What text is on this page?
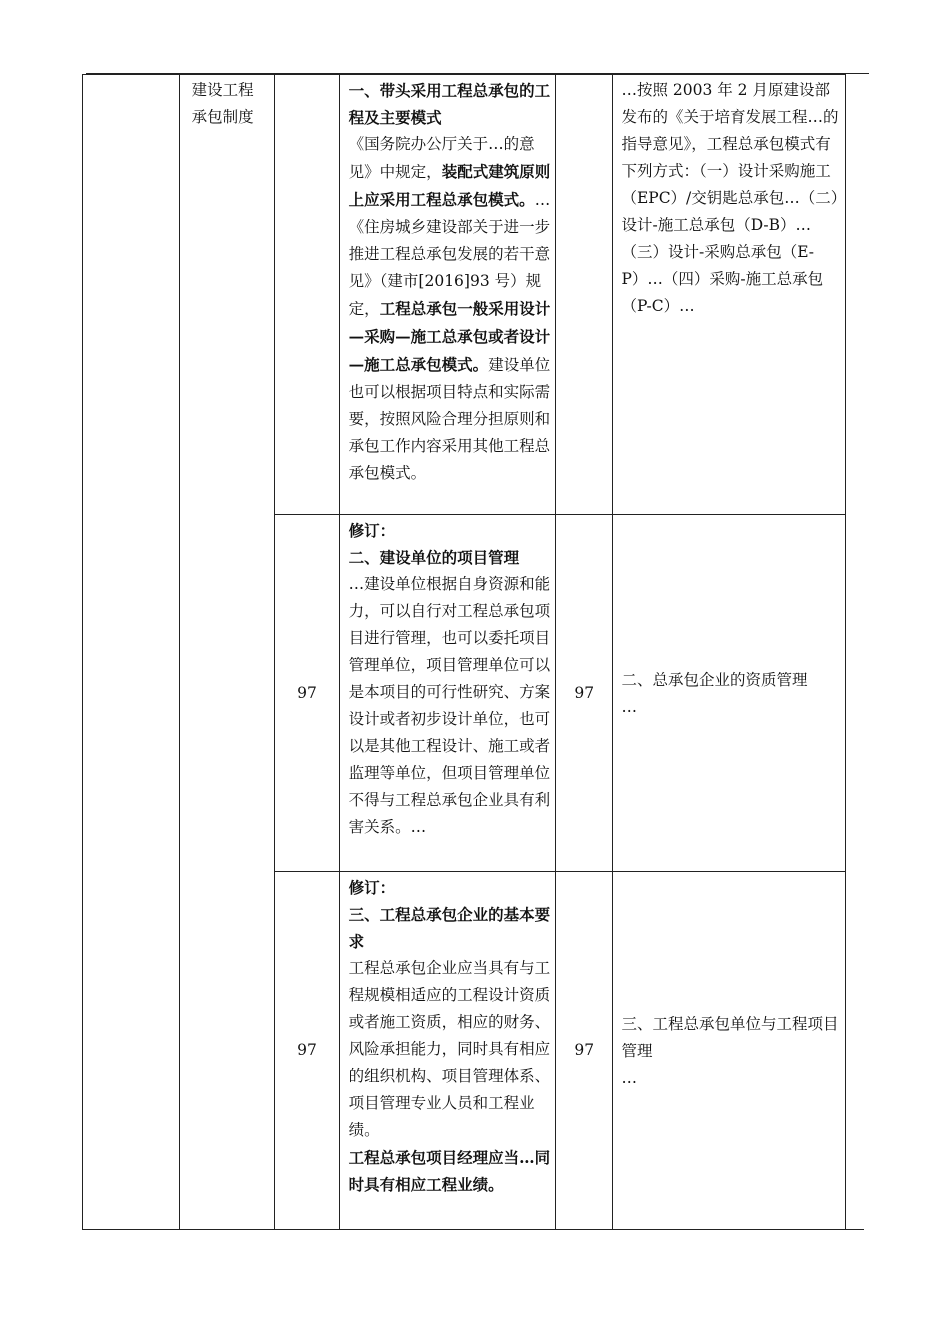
	建设工程承包制度		一、带头采用工程总承包的工程及主要模式
《国务院办公厅关于…的意见》中规定，装配式建筑原则上应采用工程总承包模式。…《住房城乡建设部关于进一步推进工程总承包发展的若干意见》（建市[2016]93 号）规定，工程总承包一般采用设计—采购—施工总承包或者设计—施工总承包模式。建设单位也可以根据项目特点和实际需要，按照风险合理分担原则和承包工作内容采用其他工程总承包模式。		…按照 2003 年 2 月原建设部发布的《关于培育发展工程…的指导意见》，工程总承包模式有下列方式：（一）设计采购施工（EPC）/交钥匙总承包…（二）设计-施工总承包（D-B）…（三）设计-采购总承包（E-P）…（四）采购-施工总承包（P-C）…
		97	修订：
二、建设单位的项目管理
…建设单位根据自身资源和能力，可以自行对工程总承包项目进行管理，也可以委托项目管理单位，项目管理单位可以是本项目的可行性研究、方案设计或者初步设计单位，也可以是其他工程设计、施工或者监理等单位，但项目管理单位不得与工程总承包企业具有利害关系。…	97	二、总承包企业的资质管理
…

		97	修订：
三、工程总承包企业的基本要求
工程总承包企业应当具有与工程规模相适应的工程设计资质或者施工资质，相应的财务、风险承担能力，同时具有相应的组织机构、项目管理体系、项目管理专业人员和工程业绩。
工程总承包项目经理应当…同时具有相应工程业绩。	97	三、工程总承包单位与工程项目管理
…
